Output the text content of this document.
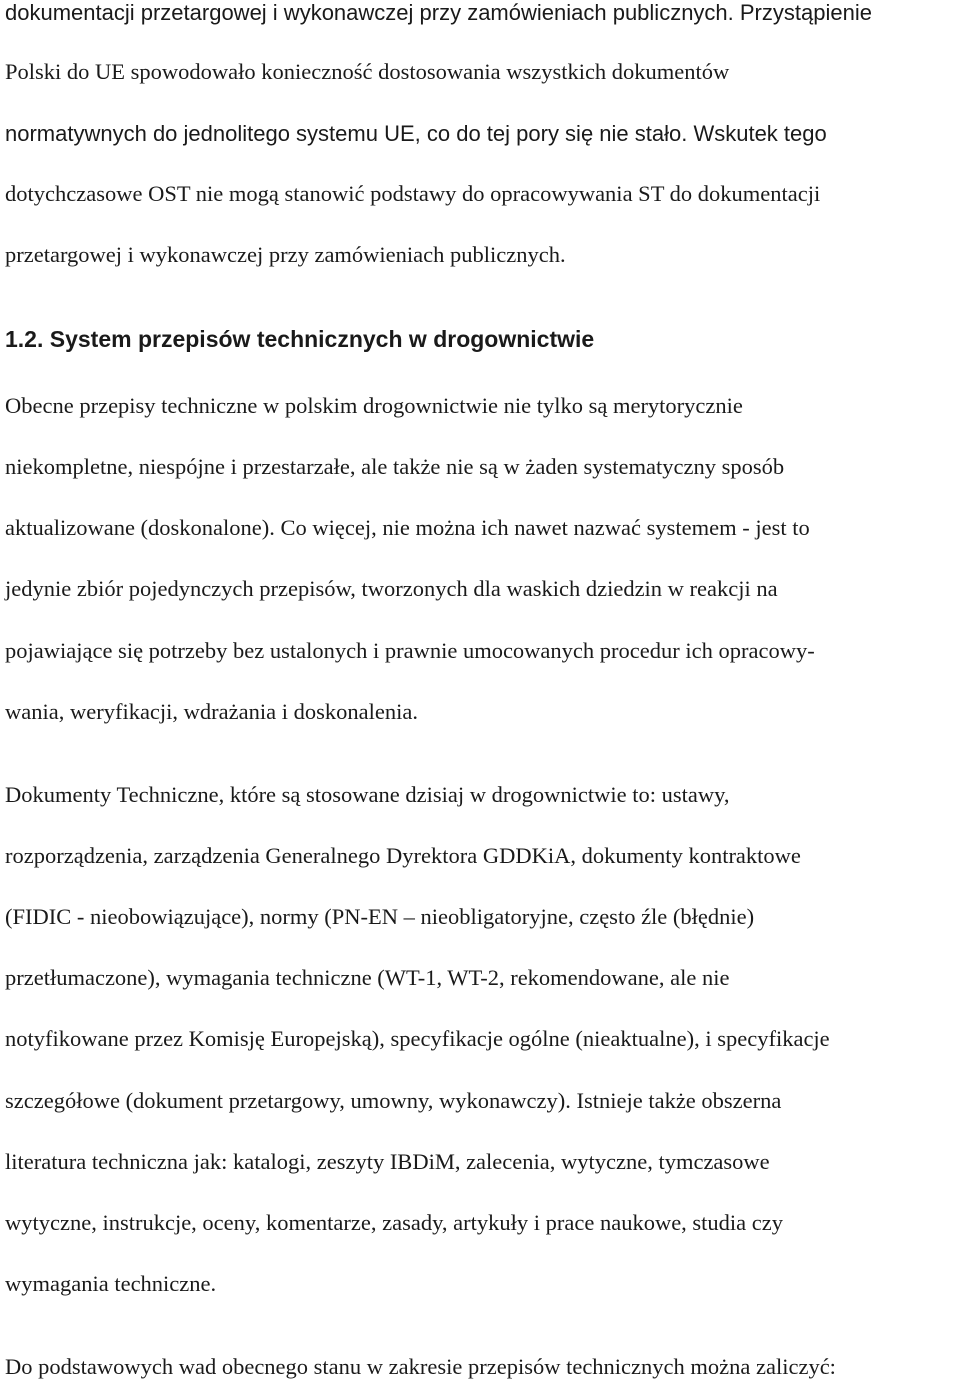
dokumentacji przetargowej i wykonawczej przy zamówieniach publicznych. Przystąpienie
Polski do UE spowodowało konieczność dostosowania wszystkich dokumentów
normatywnych do jednolitego systemu UE, co do tej pory się nie stało. Wskutek tego
dotychczasowe OST nie mogą stanowić podstawy do opracowywania ST do dokumentacji
przetargowej i wykonawczej przy zamówieniach publicznych.
1.2. System przepisów technicznych w drogownictwie
Obecne przepisy techniczne w polskim drogownictwie nie tylko są merytorycznie
niekompletne, niespójne i przestarzałe, ale także nie są w żaden systematyczny sposób
aktualizowane (doskonalone). Co więcej, nie można ich nawet nazwać systemem - jest to
jedynie zbiór pojedynczych przepisów, tworzonych dla waskich dziedzin w reakcji na
pojawiające się potrzeby bez ustalonych i prawnie umocowanych procedur ich opracowy-
wania, weryfikacji, wdrażania i doskonalenia.
Dokumenty Techniczne, które są stosowane dzisiaj w drogownictwie to: ustawy,
rozporządzenia, zarządzenia Generalnego Dyrektora GDDKiA, dokumenty kontraktowe
(FIDIC - nieobowiązujące), normy (PN-EN – nieobligatoryjne, często źle (błędnie)
przetłumaczone), wymagania techniczne (WT-1, WT-2, rekomendowane, ale nie
notyfikowane przez Komisję Europejską), specyfikacje ogólne (nieaktualne), i specyfikacje
szczegółowe (dokument przetargowy, umowny, wykonawczy). Istnieje także obszerna
literatura techniczna jak: katalogi, zeszyty IBDiM, zalecenia, wytyczne, tymczasowe
wytyczne, instrukcje, oceny, komentarze, zasady, artykuły i prace naukowe, studia czy
wymagania techniczne.
Do podstawowych wad obecnego stanu w zakresie przepisów technicznych można zaliczyć:
